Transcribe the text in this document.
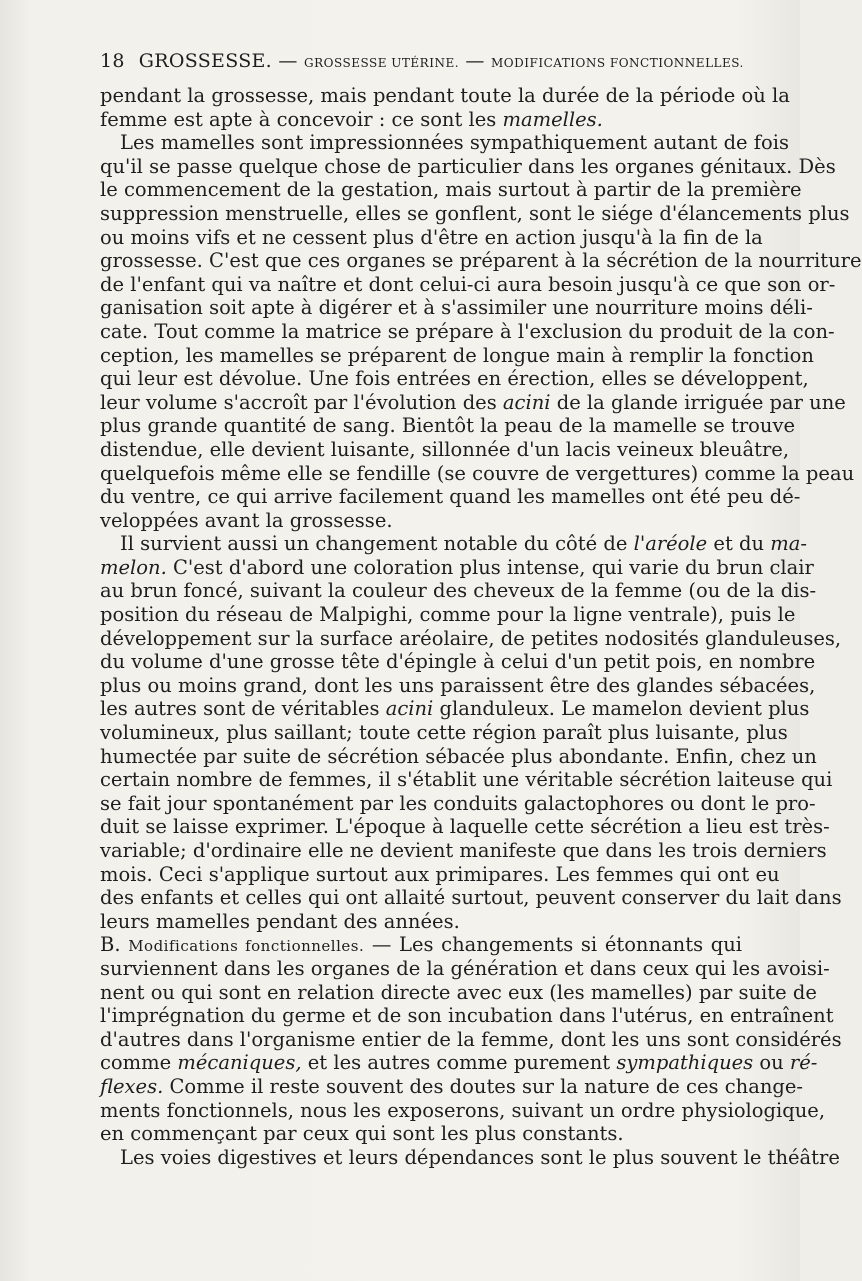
18 GROSSESSE. — GROSSESSE UTÉRINE. — MODIFICATIONS FONCTIONNELLES.
pendant la grossesse, mais pendant toute la durée de la période où la
femme est apte à concevoir : ce sont les mamelles.
Les mamelles sont impressionnées sympathiquement autant de fois
qu'il se passe quelque chose de particulier dans les organes génitaux. Dès
le commencement de la gestation, mais surtout à partir de la première
suppression menstruelle, elles se gonflent, sont le siége d'élancements plus
ou moins vifs et ne cessent plus d'être en action jusqu'à la fin de la
grossesse. C'est que ces organes se préparent à la sécrétion de la nourriture
de l'enfant qui va naître et dont celui-ci aura besoin jusqu'à ce que son or-
ganisation soit apte à digérer et à s'assimiler une nourriture moins déli-
cate. Tout comme la matrice se prépare à l'exclusion du produit de la con-
ception, les mamelles se préparent de longue main à remplir la fonction
qui leur est dévolue. Une fois entrées en érection, elles se développent,
leur volume s'accroît par l'évolution des acini de la glande irriguée par une
plus grande quantité de sang. Bientôt la peau de la mamelle se trouve
distendue, elle devient luisante, sillonnée d'un lacis veineux bleuâtre,
quelquefois même elle se fendille (se couvre de vergettures) comme la peau
du ventre, ce qui arrive facilement quand les mamelles ont été peu dé-
veloppées avant la grossesse.
Il survient aussi un changement notable du côté de l'aréole et du ma-
melon. C'est d'abord une coloration plus intense, qui varie du brun clair
au brun foncé, suivant la couleur des cheveux de la femme (ou de la dis-
position du réseau de Malpighi, comme pour la ligne ventrale), puis le
développement sur la surface aréolaire, de petites nodosités glanduleuses,
du volume d'une grosse tête d'épingle à celui d'un petit pois, en nombre
plus ou moins grand, dont les uns paraissent être des glandes sébacées,
les autres sont de véritables acini glanduleux. Le mamelon devient plus
volumineux, plus saillant; toute cette région paraît plus luisante, plus
humectée par suite de sécrétion sébacée plus abondante. Enfin, chez un
certain nombre de femmes, il s'établit une véritable sécrétion laiteuse qui
se fait jour spontanément par les conduits galactophores ou dont le pro-
duit se laisse exprimer. L'époque à laquelle cette sécrétion a lieu est très-
variable; d'ordinaire elle ne devient manifeste que dans les trois derniers
mois. Ceci s'applique surtout aux primipares. Les femmes qui ont eu
des enfants et celles qui ont allaité surtout, peuvent conserver du lait dans
leurs mamelles pendant des années.
B. Modifications fonctionnelles. — Les changements si étonnants qui
surviennent dans les organes de la génération et dans ceux qui les avoisi-
nent ou qui sont en relation directe avec eux (les mamelles) par suite de
l'imprégnation du germe et de son incubation dans l'utérus, en entraînent
d'autres dans l'organisme entier de la femme, dont les uns sont considérés
comme mécaniques, et les autres comme purement sympathiques ou ré-
flexes. Comme il reste souvent des doutes sur la nature de ces change-
ments fonctionnels, nous les exposerons, suivant un ordre physiologique,
en commençant par ceux qui sont les plus constants.
Les voies digestives et leurs dépendances sont le plus souvent le théâtre
